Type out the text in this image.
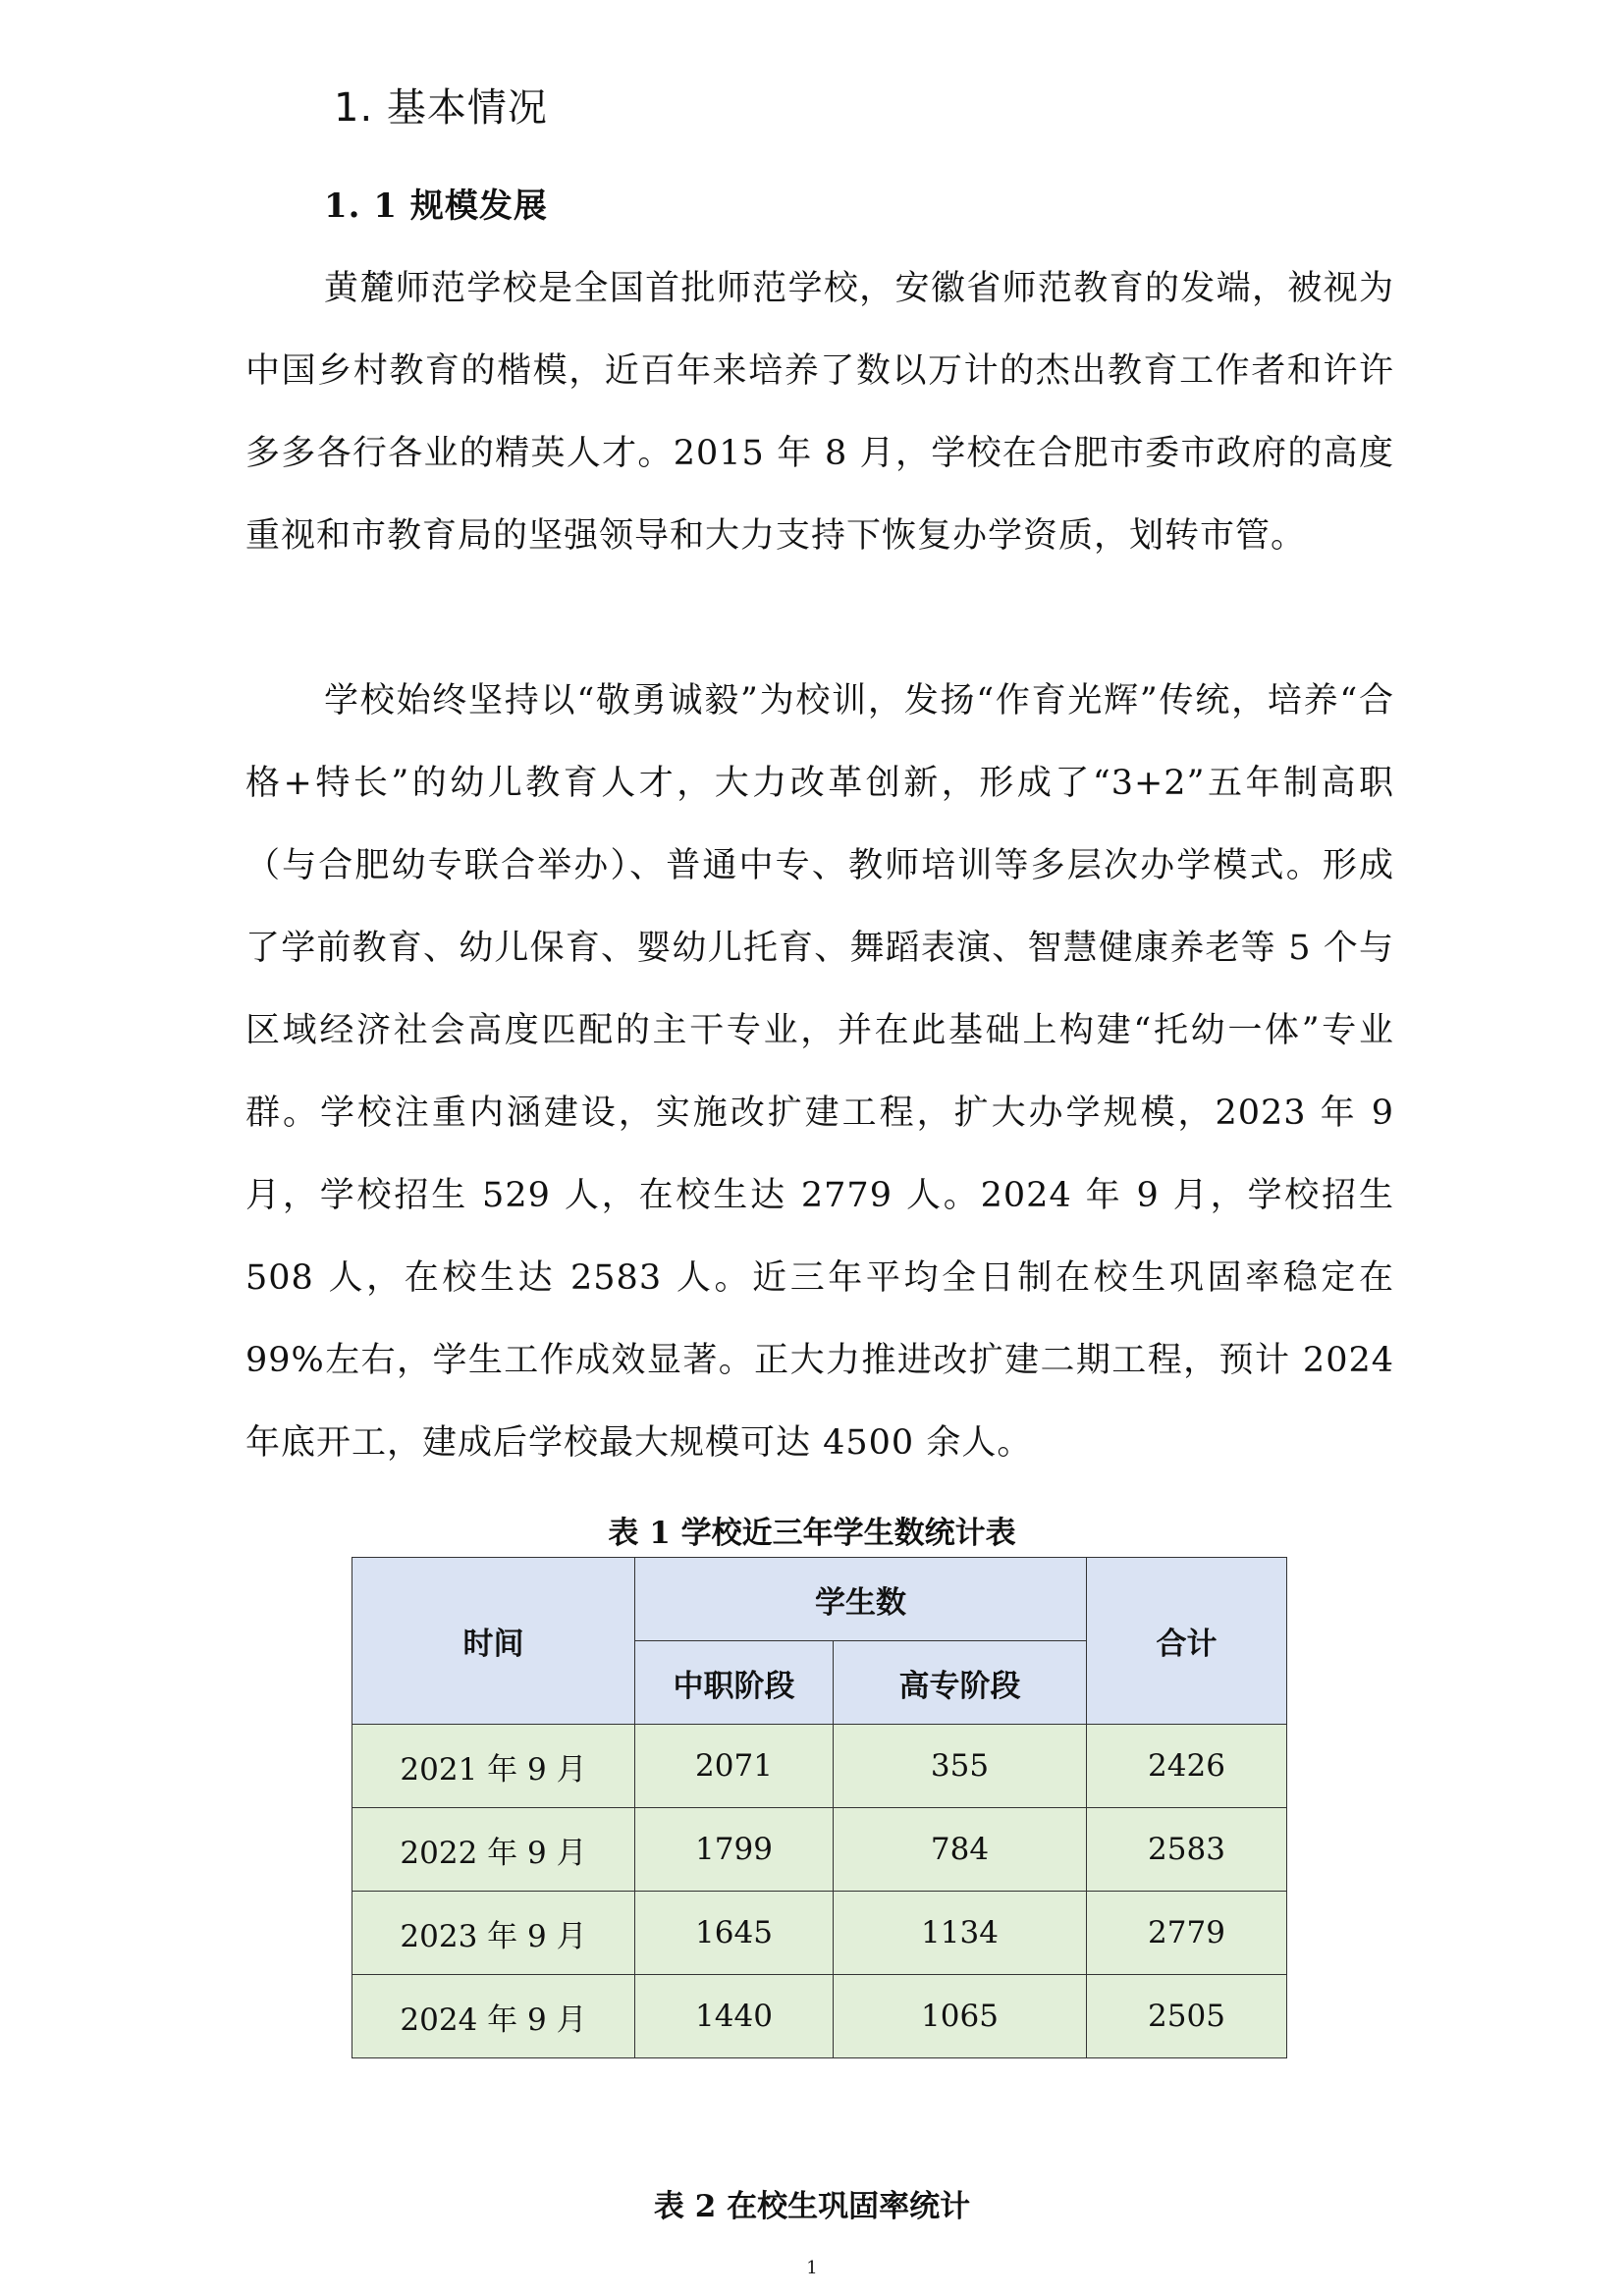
1. 基本情况
1. 1 规模发展

黄麓师范学校是全国首批师范学校，安徽省师范教育的发端，被视为中国乡村教育的楷模，近百年来培养了数以万计的杰出教育工作者和许许多多各行各业的精英人才。2015 年 8 月，学校在合肥市委市政府的高度重视和市教育局的坚强领导和大力支持下恢复办学资质，划转市管。

学校始终坚持以“敬勇诚毅”为校训，发扬“作育光辉”传统，培养“合格+特长”的幼儿教育人才，大力改革创新，形成了“3+2”五年制高职（与合肥幼专联合举办）、普通中专、教师培训等多层次办学模式。形成了学前教育、幼儿保育、婴幼儿托育、舞蹈表演、智慧健康养老等 5 个与区域经济社会高度匹配的主干专业，并在此基础上构建“托幼一体”专业群。学校注重内涵建设，实施改扩建工程，扩大办学规模，2023 年 9 月，学校招生 529 人，在校生达 2779 人。2024 年 9 月，学校招生 508 人，在校生达 2583 人。近三年平均全日制在校生巩固率稳定在 99%左右，学生工作成效显著。正大力推进改扩建二期工程，预计 2024 年底开工，建成后学校最大规模可达 4500 余人。

表 1 学校近三年学生数统计表

时间	学生数		合计
	中职阶段	高专阶段	
2021 年 9 月	2071	355	2426
2022 年 9 月	1799	784	2583
2023 年 9 月	1645	1134	2779
2024 年 9 月	1440	1065	2505

表 2 在校生巩固率统计

1
